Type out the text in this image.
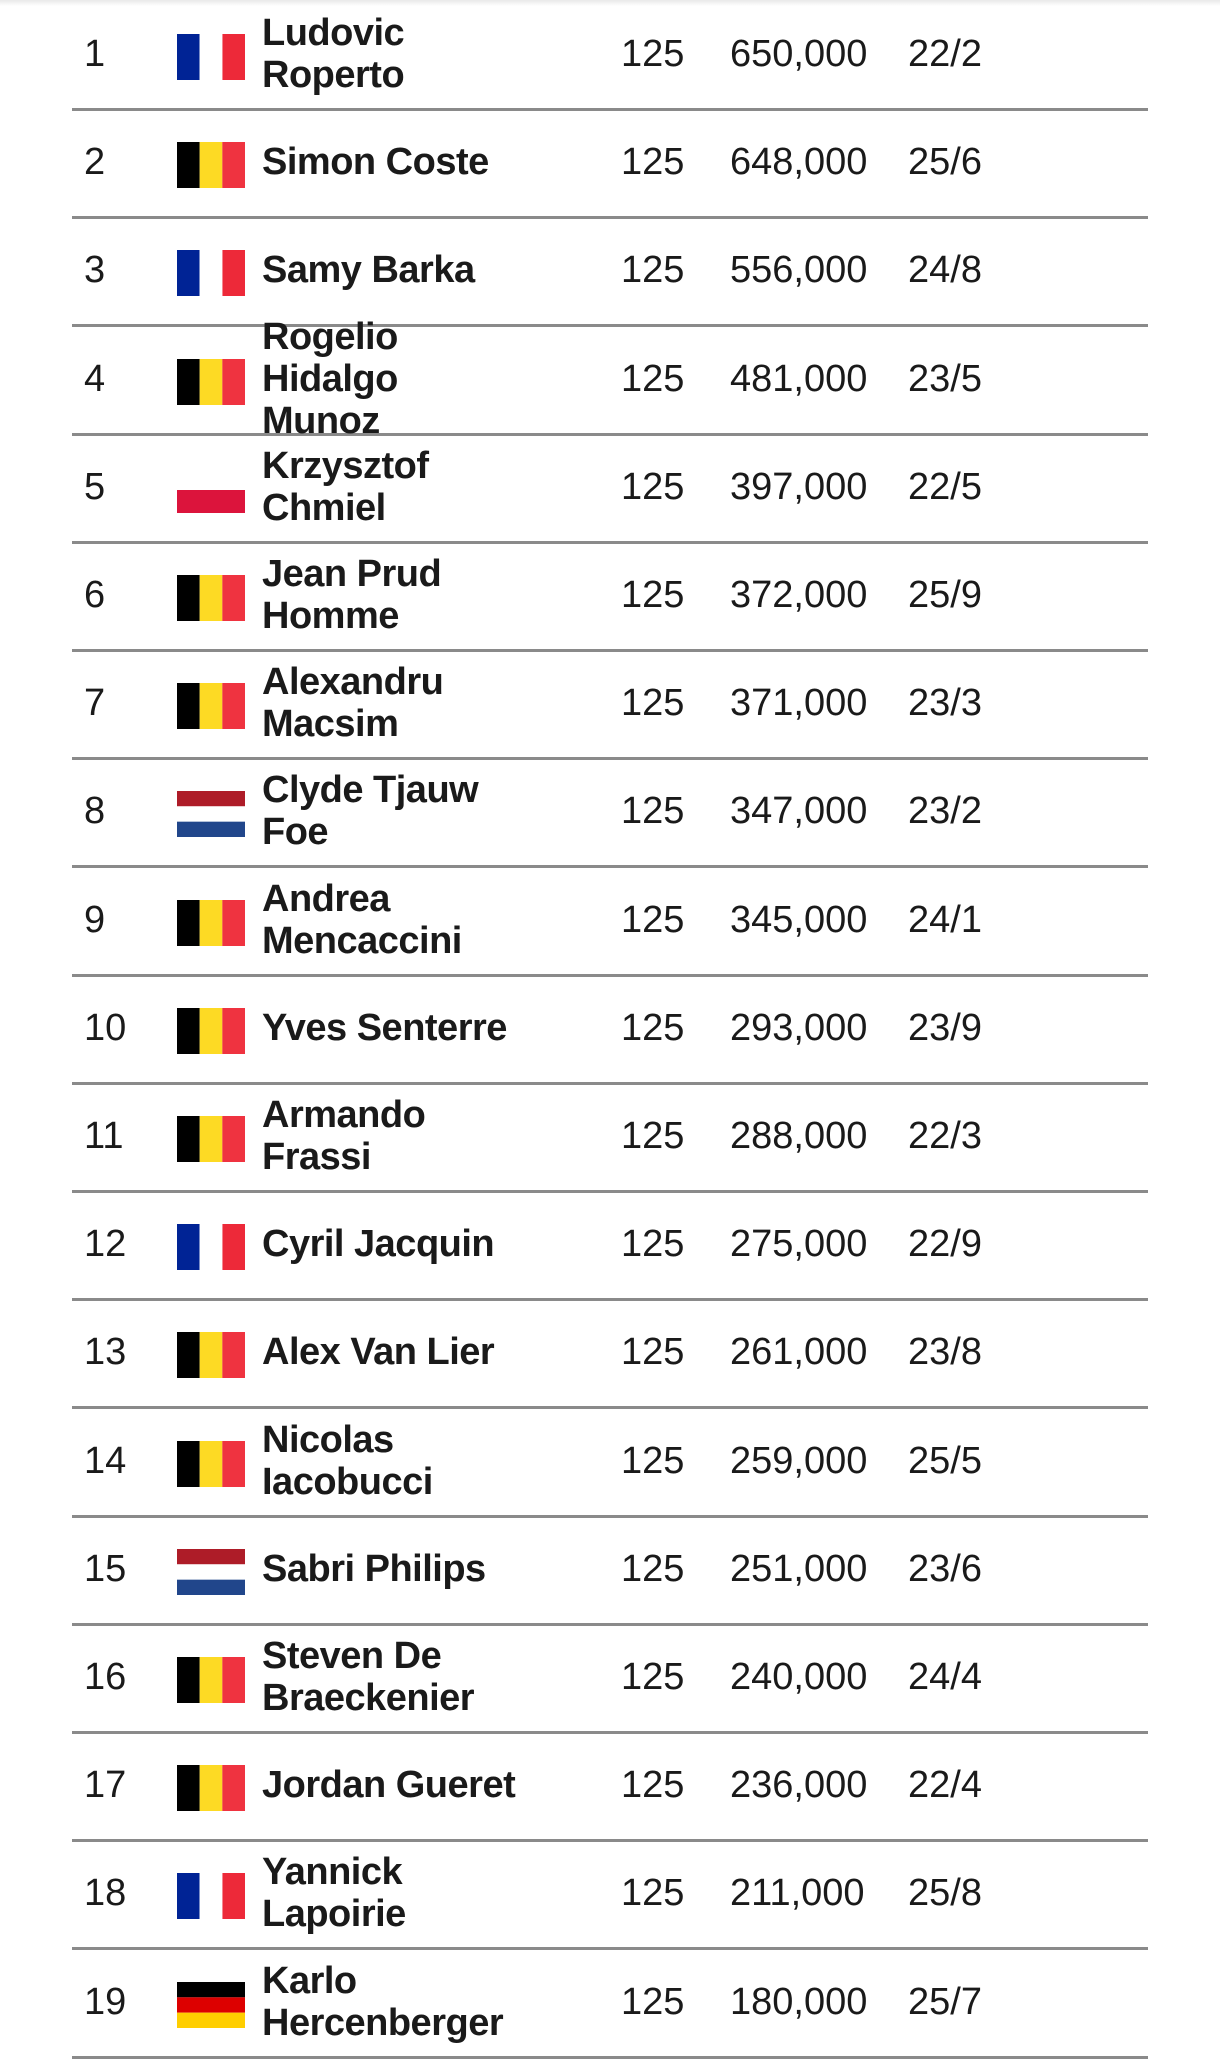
1	Ludovic
Roperto
125 650,000 22/2
2	Simon Coste	125 648,000 25/6
3	Samy Barka	125 556,000 24/8
4
Rogelio
Hidalgo
Munoz
125 481,000 23/5
5	Krzysztof
Chmiel
125 397,000 22/5
6	Jean Prud
Homme
125 372,000 25/9
7	Alexandru
Macsim
125 371,000 23/3
8	Clyde Tjauw
Foe
125 347,000 23/2
9	Andrea
Mencaccini
125 345,000 24/1
10	Yves Senterre	125 293,000 23/9
11	Armando
Frassi
125 288,000 22/3
12	Cyril Jacquin	125 275,000 22/9
13	Alex Van Lier	125 261,000 23/8
14	Nicolas
Iacobucci
125 259,000 25/5
15	Sabri Philips	125 251,000 23/6
16	Steven De
Braeckenier
125 240,000 24/4
17	Jordan Gueret	125 236,000 22/4
18	Yannick
Lapoirie
125 211,000 25/8
19	Karlo
Hercenberger
125 180,000 25/7
